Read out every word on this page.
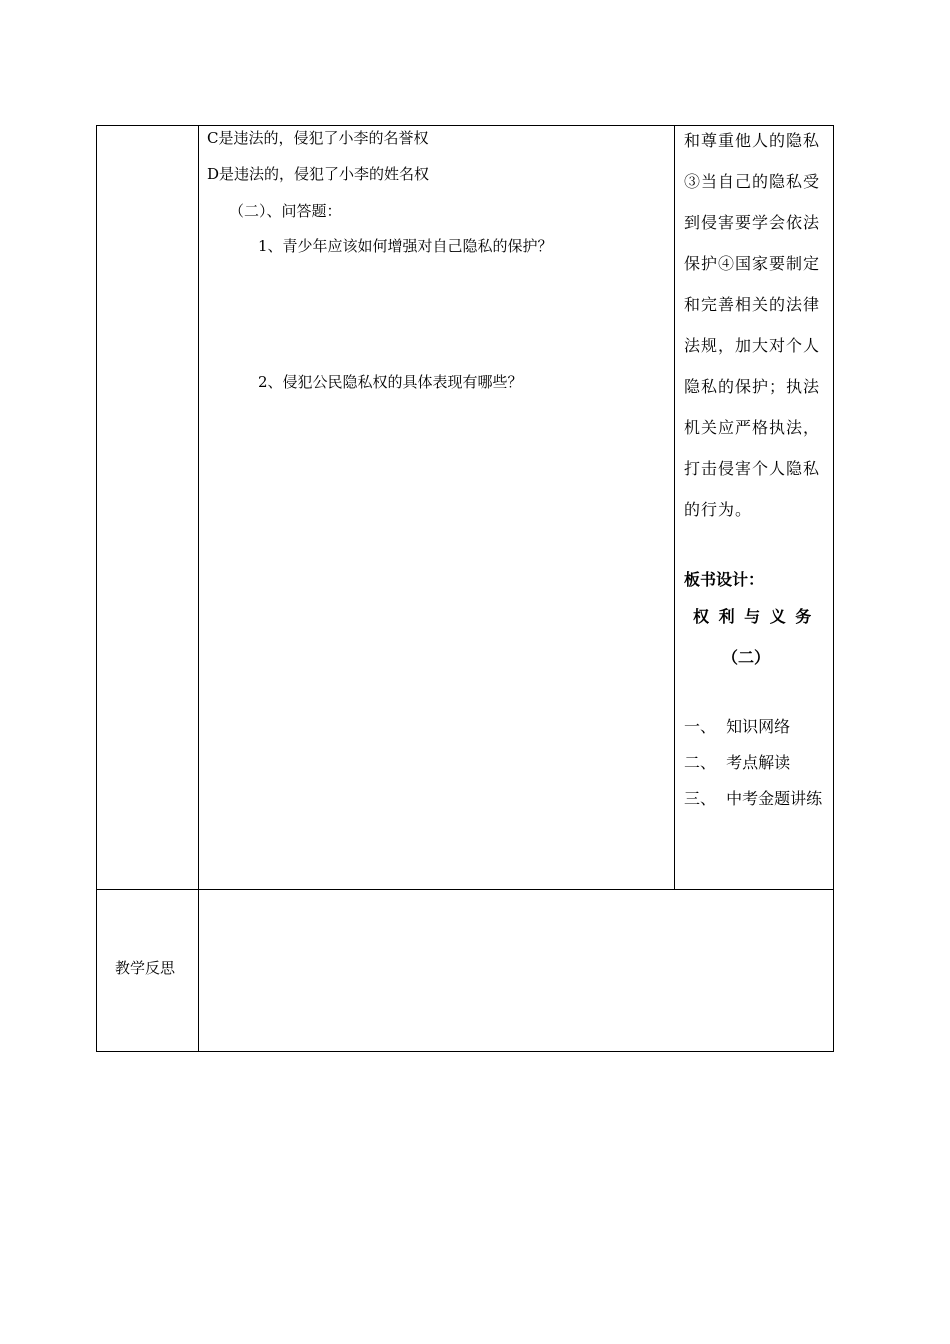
C是违法的，侵犯了小李的名誉权
D是违法的，侵犯了小李的姓名权
（二）、问答题：
1、青少年应该如何增强对自己隐私的保护？
2、侵犯公民隐私权的具体表现有哪些？
和尊重他人的隐私
③当自己的隐私受
到侵害要学会依法
保护④国家要制定
和完善相关的法律
法规，加大对个人
隐私的保护；执法
机关应严格执法，
打击侵害个人隐私
的行为。
板书设计：
权 利 与 义 务
（二）
一、  知识网络
二、  考点解读
三、  中考金题讲练
教学反思
